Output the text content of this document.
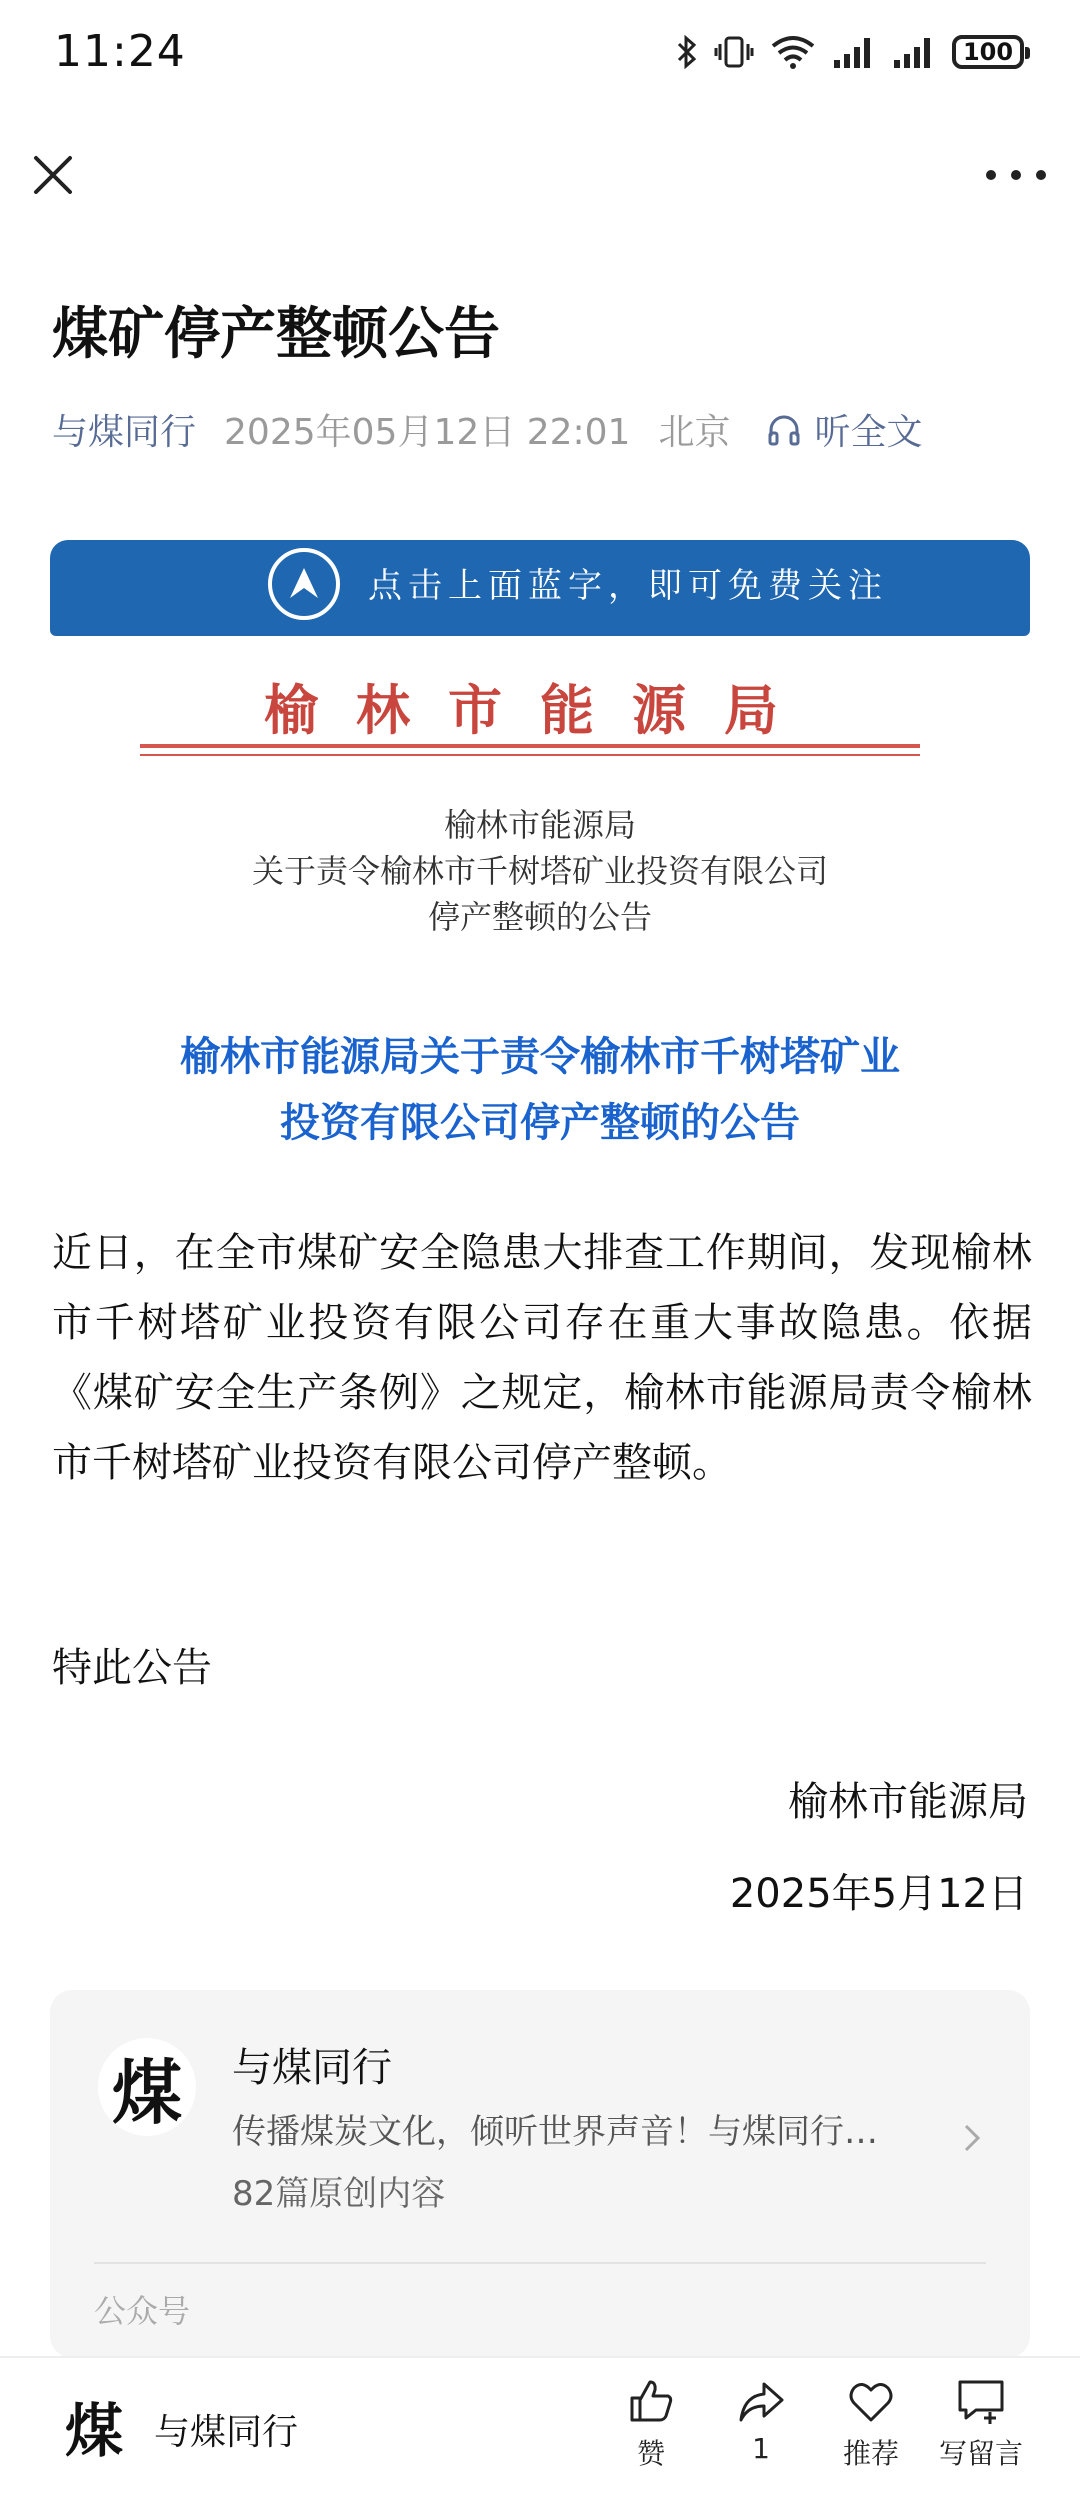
11:24	100
煤矿停产整顿公告
与煤同行 2025年05月12日 22:01 北京 听全文
点击上面蓝字，即可免费关注
榆林市能源局
榆林市能源局
关于责令榆林市千树塔矿业投资有限公司
停产整顿的公告
榆林市能源局关于责令榆林市千树塔矿业
投资有限公司停产整顿的公告
近日，在全市煤矿安全隐患大排查工作期间，发现榆林市千树塔矿业投资有限公司存在重大事故隐患。依据《煤矿安全生产条例》之规定，榆林市能源局责令榆林市千树塔矿业投资有限公司停产整顿。
特此公告
榆林市能源局
2025年5月12日
煤	与煤同行
传播煤炭文化，倾听世界声音！与煤同行…
82篇原创内容
公众号
煤 与煤同行
赞	1	推荐 写留言
